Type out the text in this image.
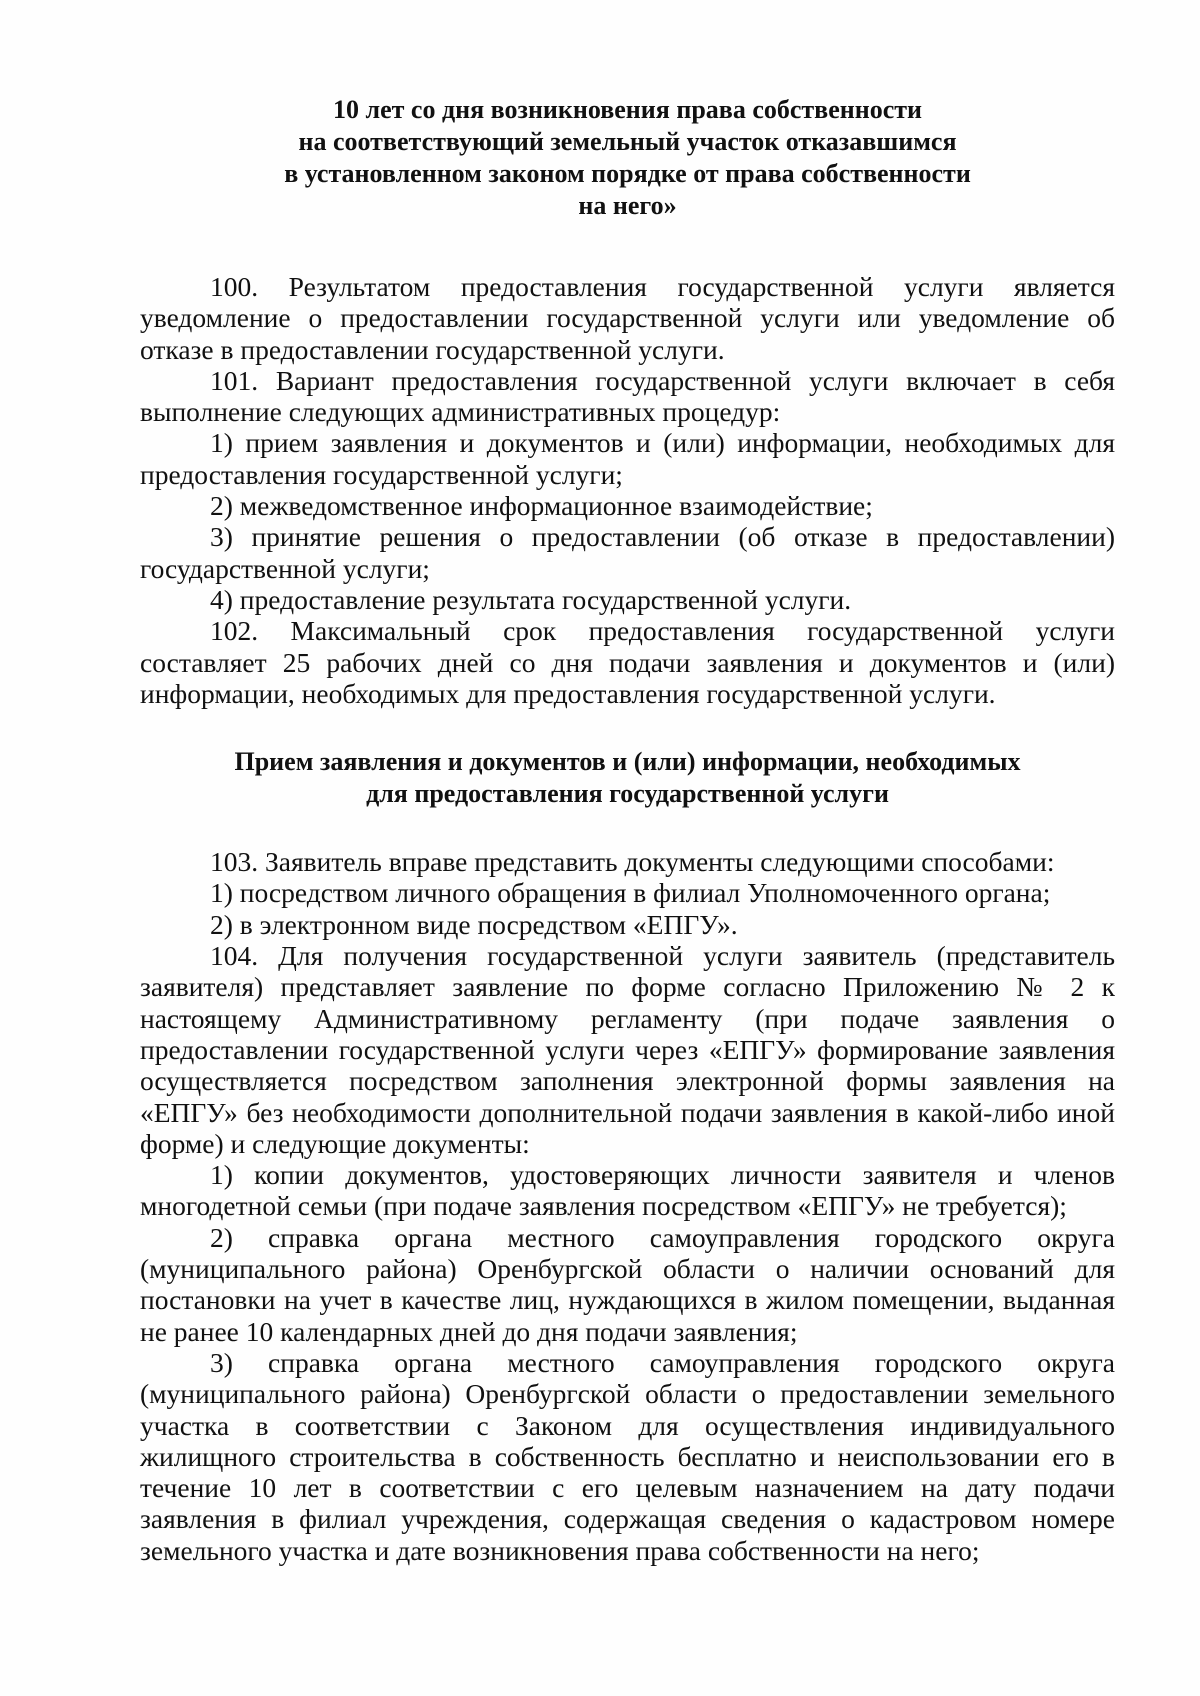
10 лет со дня возникновения права собственности
на соответствующий земельный участок отказавшимся
в установленном законом порядке от права собственности
на него»

100. Результатом предоставления государственной услуги является уведомление о предоставлении государственной услуги или уведомление об отказе в предоставлении государственной услуги.

101. Вариант предоставления государственной услуги включает в себя выполнение следующих административных процедур:

1) прием заявления и документов и (или) информации, необходимых для предоставления государственной услуги;

2) межведомственное информационное взаимодействие;

3) принятие решения о предоставлении (об отказе в предоставлении) государственной услуги;

4) предоставление результата государственной услуги.

102. Максимальный срок предоставления государственной услуги составляет 25 рабочих дней со дня подачи заявления и документов и (или) информации, необходимых для предоставления государственной услуги.

Прием заявления и документов и (или) информации, необходимых
для предоставления государственной услуги

103. Заявитель вправе представить документы следующими способами:

1) посредством личного обращения в филиал Уполномоченного органа;

2) в электронном виде посредством «ЕПГУ».

104. Для получения государственной услуги заявитель (представитель заявителя) представляет заявление по форме согласно Приложению № 2 к настоящему Административному регламенту (при подаче заявления о предоставлении государственной услуги через «ЕПГУ» формирование заявления осуществляется посредством заполнения электронной формы заявления на «ЕПГУ» без необходимости дополнительной подачи заявления в какой-либо иной форме) и следующие документы:

1) копии документов, удостоверяющих личности заявителя и членов многодетной семьи (при подаче заявления посредством «ЕПГУ» не требуется);

2) справка органа местного самоуправления городского округа (муниципального района) Оренбургской области о наличии оснований для постановки на учет в качестве лиц, нуждающихся в жилом помещении, выданная не ранее 10 календарных дней до дня подачи заявления;

3) справка органа местного самоуправления городского округа (муниципального района) Оренбургской области о предоставлении земельного участка в соответствии с Законом для осуществления индивидуального жилищного строительства в собственность бесплатно и неиспользовании его в течение 10 лет в соответствии с его целевым назначением на дату подачи заявления в филиал учреждения, содержащая сведения о кадастровом номере земельного участка и дате возникновения права собственности на него;
